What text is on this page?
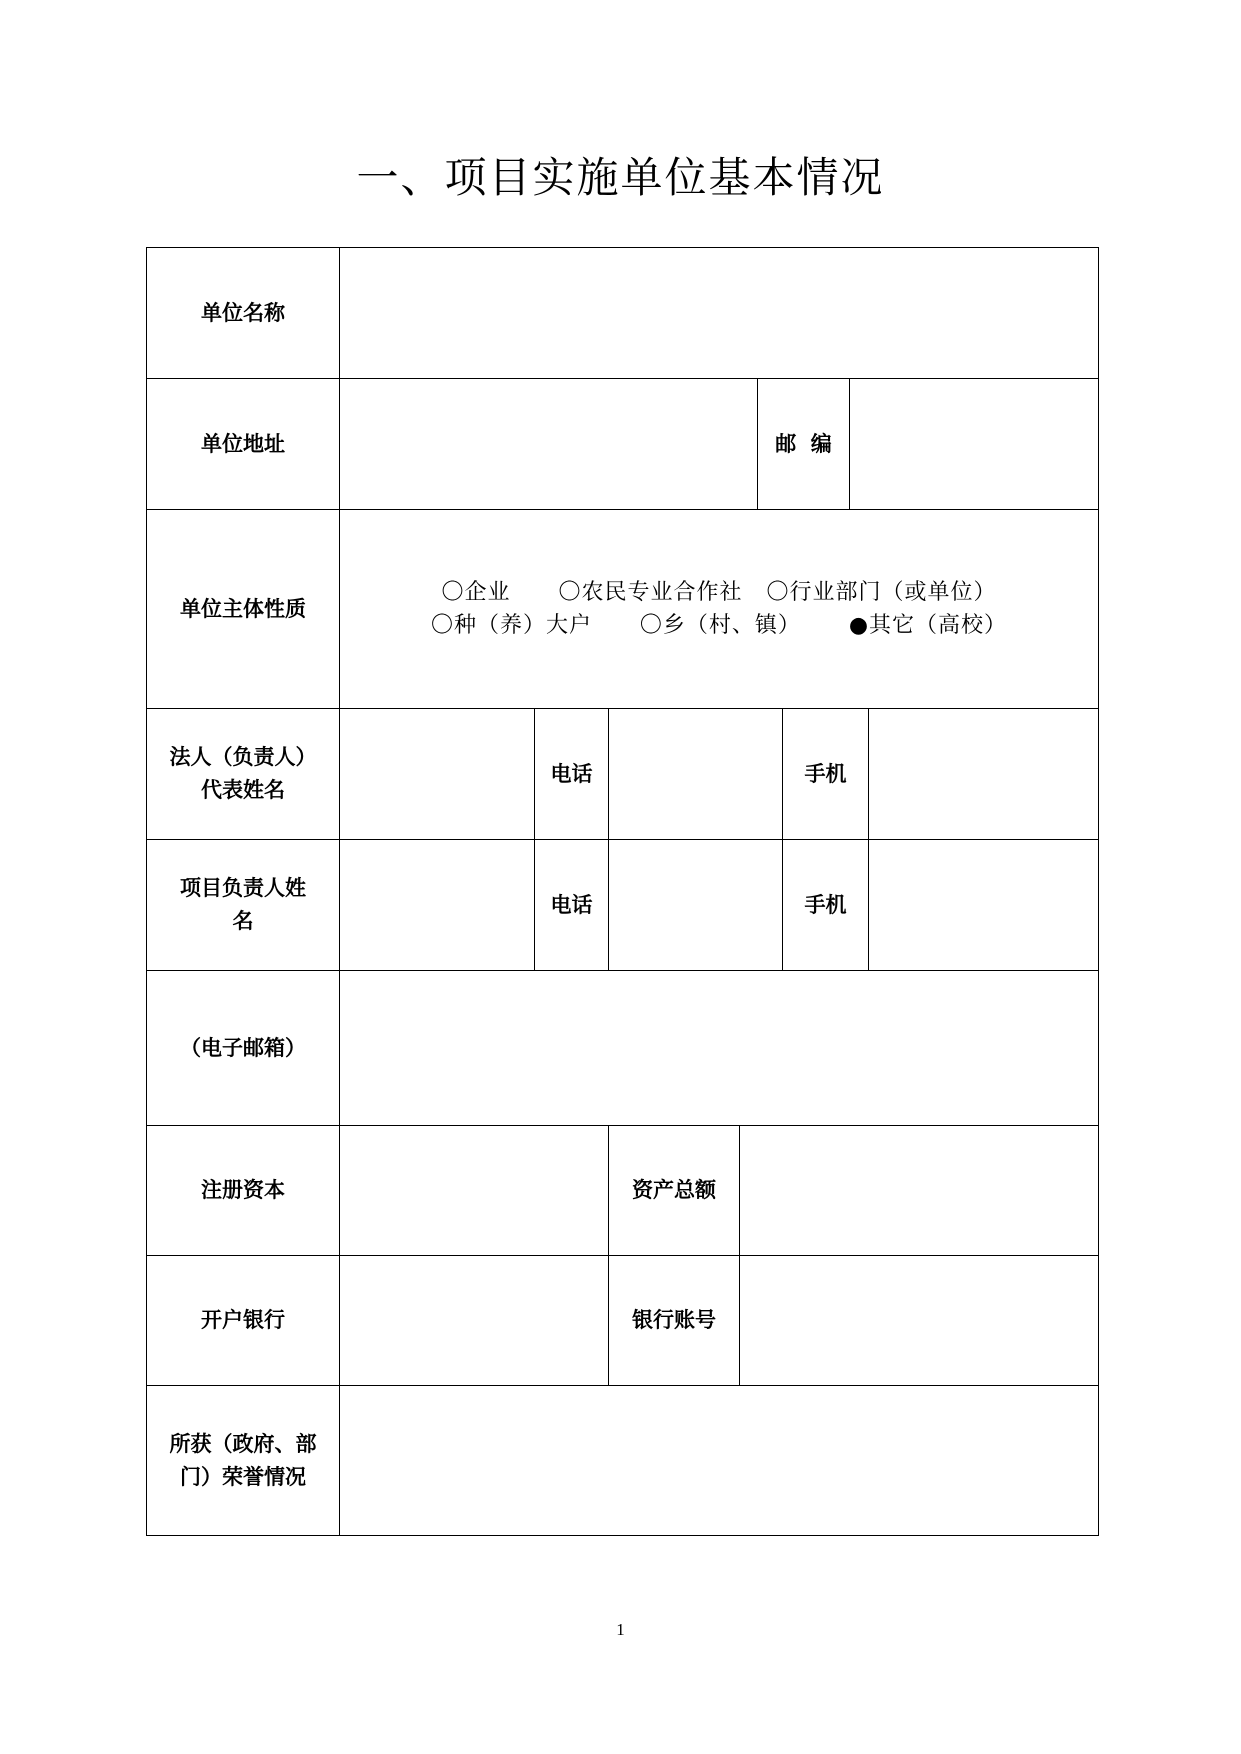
一、项目实施单位基本情况
单位名称
单位地址	邮  编
单位主体性质
〇企业      〇农民专业合作社   〇行业部门（或单位）
〇种（养）大户      〇乡（村、镇）      ●其它（高校）
法人（负责人）
代表姓名
电话	手机
项目负责人姓
名
电话	手机
（电子邮箱）
注册资本	资产总额
开户银行	银行账号
所获（政府、部
门）荣誉情况
1
